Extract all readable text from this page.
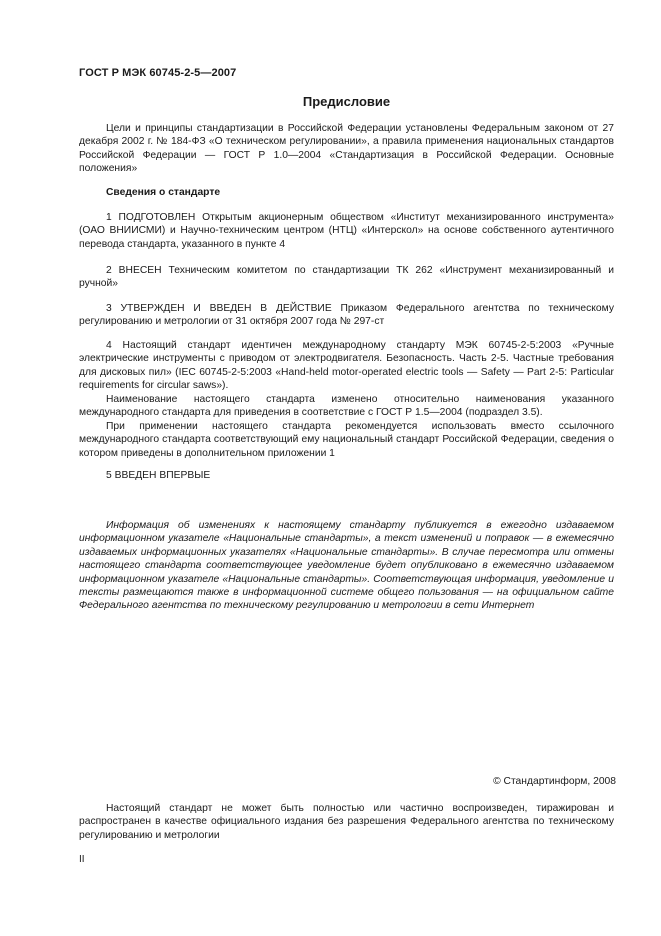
ГОСТ Р МЭК 60745-2-5—2007
Предисловие

Цели и принципы стандартизации в Российской Федерации установлены Федеральным законом от 27 декабря 2002 г. № 184-ФЗ «О техническом регулировании», а правила применения национальных стандартов Российской Федерации — ГОСТ Р 1.0—2004 «Стандартизация в Российской Федерации. Основные положения»

Сведения о стандарте

1 ПОДГОТОВЛЕН Открытым акционерным обществом «Институт механизированного инструмента» (ОАО ВНИИСМИ) и Научно-техническим центром (НТЦ) «Интерскол» на основе собственного аутентичного перевода стандарта, указанного в пункте 4

2 ВНЕСЕН Техническим комитетом по стандартизации ТК 262 «Инструмент механизированный и ручной»

3 УТВЕРЖДЕН И ВВЕДЕН В ДЕЙСТВИЕ Приказом Федерального агентства по техническому регулированию и метрологии от 31 октября 2007 года № 297-ст

4 Настоящий стандарт идентичен международному стандарту МЭК 60745-2-5:2003 «Ручные электрические инструменты с приводом от электродвигателя. Безопасность. Часть 2-5. Частные требования для дисковых пил» (IEC 60745-2-5:2003 «Hand-held motor-operated electric tools — Safety — Part 2-5: Particular requirements for circular saws»).

Наименование настоящего стандарта изменено относительно наименования указанного международного стандарта для приведения в соответствие с ГОСТ Р 1.5—2004 (подраздел 3.5).

При применении настоящего стандарта рекомендуется использовать вместо ссылочного международного стандарта соответствующий ему национальный стандарт Российской Федерации, сведения о котором приведены в дополнительном приложении 1

5 ВВЕДЕН ВПЕРВЫЕ

Информация об изменениях к настоящему стандарту публикуется в ежегодно издаваемом информационном указателе «Национальные стандарты», а текст изменений и поправок — в ежемесячно издаваемых информационных указателях «Национальные стандарты». В случае пересмотра или отмены настоящего стандарта соответствующее уведомление будет опубликовано в ежемесячно издаваемом информационном указателе «Национальные стандарты». Соответствующая информация, уведомление и тексты размещаются также в информационной системе общего пользования — на официальном сайте Федерального агентства по техническому регулированию и метрологии в сети Интернет

© Стандартинформ, 2008

Настоящий стандарт не может быть полностью или частично воспроизведен, тиражирован и распространен в качестве официального издания без разрешения Федерального агентства по техническому регулированию и метрологии

II
